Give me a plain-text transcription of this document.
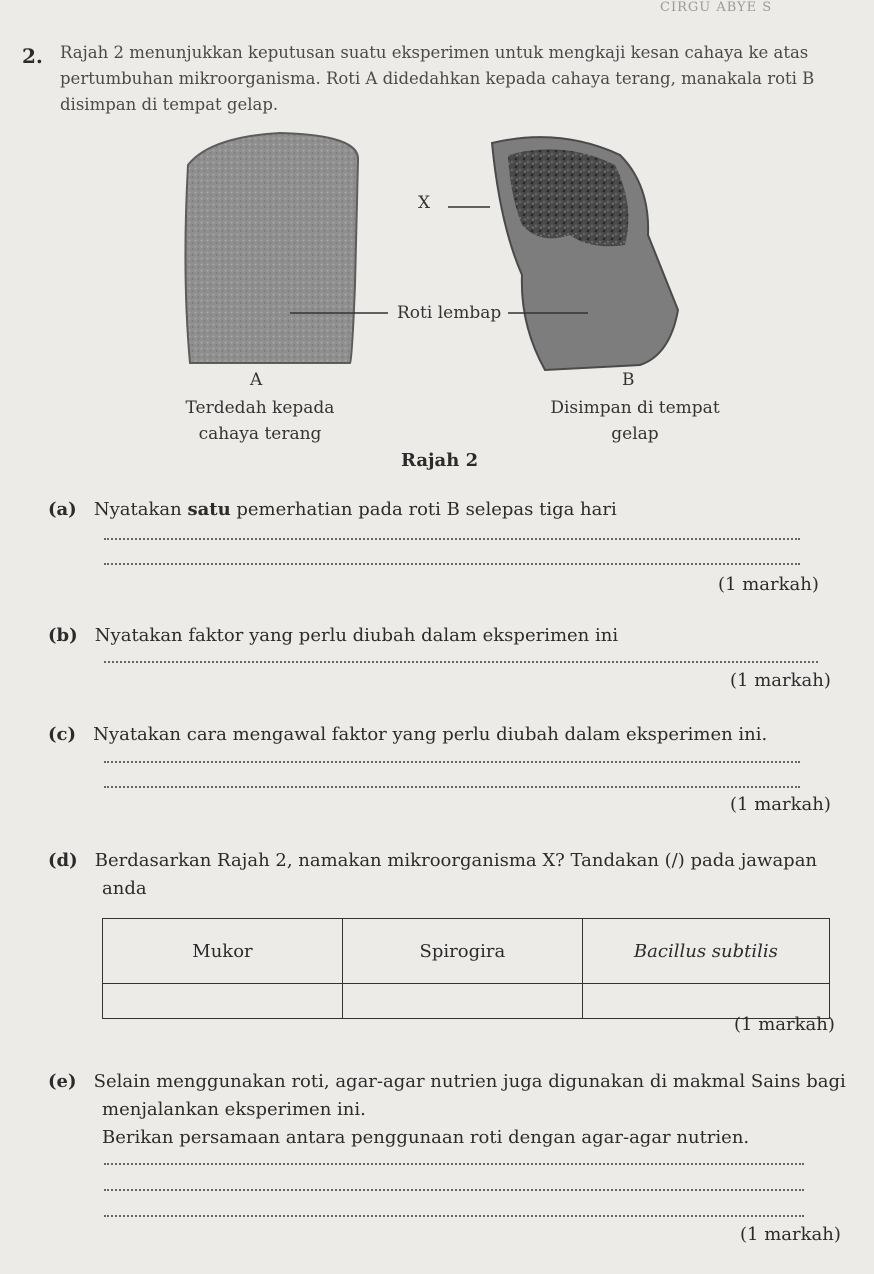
CIRGU ABYE S
2. Rajah 2 menunjukkan keputusan suatu eksperimen untuk mengkaji kesan cahaya ke atas pertumbuhan mikroorganisma. Roti A didedahkan kepada cahaya terang, manakala roti B disimpan di tempat gelap.
X
Roti lembap
A
Terdedah kepada
cahaya terang
B
Disimpan di tempat
gelap
Rajah 2
(a) Nyatakan satu pemerhatian pada roti B selepas tiga hari
(1 markah)
(b) Nyatakan faktor yang perlu diubah dalam eksperimen ini
(1 markah)
(c) Nyatakan cara mengawal faktor yang perlu diubah dalam eksperimen ini.
(1 markah)
(d) Berdasarkan Rajah 2, namakan mikroorganisma X? Tandakan (/) pada jawapan
anda
Mukor	Spirogira	Bacillus subtilis

(1 markah)
(e) Selain menggunakan roti, agar-agar nutrien juga digunakan di makmal Sains bagi
menjalankan eksperimen ini.
Berikan persamaan antara penggunaan roti dengan agar-agar nutrien.
(1 markah)
